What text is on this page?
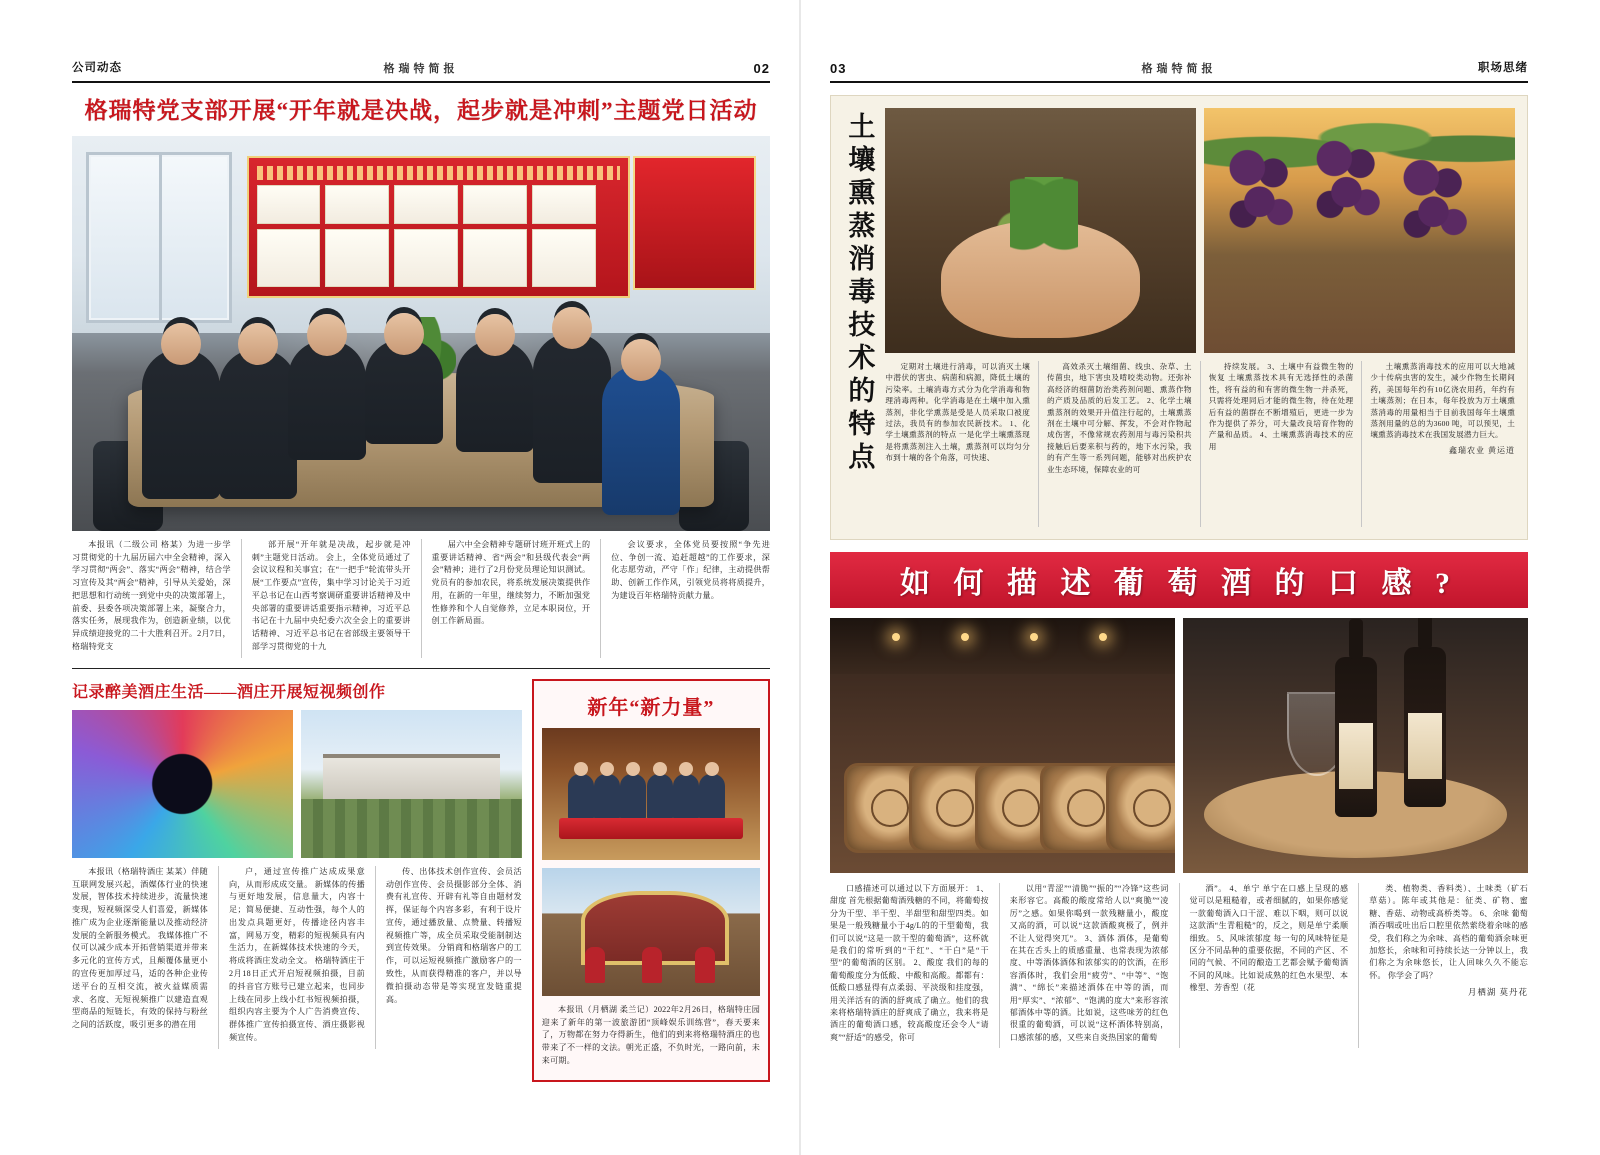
公司动态	格瑞特简报	02
格瑞特党支部开展“开年就是决战，起步就是冲刺”主题党日活动

本报讯（二级公司 格某）为进一步学习贯彻党的十九届历届六中全会精神，深入学习贯彻“两会”、落实“两会”精神，结合学习宣传及其“两会”精神，引导从关爱始，深把思想和行动统一到党中央的决策部署上，前委、县委各项决策部署上来，凝聚合力，落实任务，展现我作为，创造新业绩，以优异成绩迎接党的二十大胜利召开。2月7日，格瑞特党支

部开展“开年就是决战，起步就是冲刺”主题党日活动。 会上，全体党员通过了会议议程和关事宜；在“一把手”轮流带头开展“工作要点”宣传，集中学习讨论关于习近平总书记在山西考察调研重要讲话精神及中央部署的重要讲话重要指示精神，习近平总书记在十九届中央纪委六次全会上的重要讲话精神、习近平总书记在省部级主要领导干部学习贯彻党的十九

届六中全会精神专题研讨班开班式上的重要讲话精神、省“两会”和县级代表会“两会”精神；进行了2月份党员理论知识测试。党员有的参加农民，将系统发展决策提供作用，在新的一年里，继续努力，不断加强党性修养和个人自觉修养，立足本职岗位，开创工作新局面。

会议要求，全体党员要按照“争先进位、争创一流、追赶超越”的工作要求，深化志愿劳动，严守「作」纪律，主动提供帮助、创新工作作风，引领党员将将质提升，为建设百年格瑞特贡献力量。

记录醉美酒庄生活——酒庄开展短视频创作

本报讯（格瑞特酒庄 某某）伴随互联网发展兴起，酒媒体行业的快速发展，智体技术持续进步，流量快速变现，短视频深受人们喜爱，新媒体推广成为企业逐渐能量以及推动经济发展的全新服务模式。 我媒体推广不仅可以减少成本开拓营销渠道并带来多元化的宣传方式，且颠覆体量更小的宣传更加厚过马，适的各种企业传送平台的互相交流，被火益媒质需求、名度、无短视频推广以建造直观型商品的短链长，有效的保持与粉丝之间的活跃度，吸引更多的潜在用

户，通过宣传推广达成成果意向，从而形成成交量。 新媒体的传播与更好地发展，信息量大，内容十足；简易便捷、互动性强，每个人的出发点具题更好，传播途径内容丰富，网易万变，精彩的短视频具有内生活力，在新媒体技术快速的今天，将成将酒庄发动全文。 格瑞特酒庄于2月18日正式开启短视频拍摄，目前的抖音官方账号已建立起来，也同步上线在同步上线小红书短视频拍摄，组织内容主要为个人广告消费宣传、群体推广宣传拍摄宣传、酒庄摄影视频宣传。

传、出体技术创作宣传、会员活动创作宣传、会员摄影部分全体、消费有礼宣传、开辟有礼等自由题材发挥，保证每个内容多彩，有利于设片宣传，通过播放量、点赞量、转播短视频推广等，成全员采取受能制制达到宣传效果。 分销商和格瑞客户的工作，可以运短视频推广激励客户的一致性，从而获得精准的客户，并以导微拍摄动态带是等实现宣发链重提高。

新年“新力量”

本报讯（月栖湖 柔兰记）2022年2月26日，格瑞特庄园迎来了新年的第一波旅游团“顶峰娱乐训练营”，春天要来了，万物都在努力夺得新生，他们的到来将格瑞特酒庄的也带来了不一样的文法。朝光正盛，不负时光，一路向前，未来可期。

03	格瑞特简报	职场思绪
土壤熏蒸消毒技术的特点	定期对土壤进行消毒，可以消灭土壤中潜伏的害虫、病菌和病源，降低土壤的污染率。土壤消毒方式分为化学消毒和物理消毒两种。化学消毒是在土壤中加入熏蒸剂，非化学熏蒸是受是人员采取口被度过法，我员有的参加农民新技术。 1、化学土壤熏蒸剂的特点 一是化学土壤熏蒸现是将熏蒸剂注入土壤，熏蒸剂可以均匀分布到十壤的各个角落，可快速、

高效杀灭土壤细菌、线虫、杂草、土传菌虫，地下害虫及啃咬类动物。还弥补高经济的细菌防治类药剂问题、熏蒸作物的产质及品质的后发工艺。 2、化学土壤熏蒸剂的效果开升值注行起的，土壤熏蒸剂在土壤中可分解、挥发，不会对作物起成伤害，不像常规农药剂用与毒污染积共接触后后要来积与药的，地下水污染，我的有产生等一系列问题，能够对出疾护农业生态环境，保障农业的可

持续发展。 3、土壤中有益微生物的恢复 土壤熏蒸技术具有无选择性的杀菌性，将有益的和有害的微生物一并杀死，只需将处理同后才能的微生物，待在处理后有益的菌群在不断增殖后，更进一步为作为提供了养分，可大量改良培育作物的产量和品质。 4、土壤熏蒸消毒技术的应用

土壤熏蒸消毒技术的应用可以大地减少十传病虫害的发生，减少作物生长期间药，美国每年约有10亿浇农用药，年约有土壤蒸剂；在日本，每年投放为万土壤熏蒸消毒的用量相当于目前我国每年土壤熏蒸剂用量的总的为3600 吨，可以预见，土壤熏蒸消毒技术在我国发展潜力巨大。

鑫瑞农业 黄运道
如 何 描 述 葡 萄 酒 的 口 感 ?

口感描述可以通过以下方面展开： 1、甜度 首先根据葡萄酒残糖的不同，将葡萄按分为干型、半干型、半甜型和甜型四类。如果是一般残糖量小于4g/L的的干型葡萄，我们可以说“这是一款干型的葡萄酒”，这杯就是我们的常听到的“干红”、“干白”是“干型”的葡萄酒的区别。 2、酸度 我们的每的葡萄酸度分为低酸、中酸和高酸。都都有：低酸口感显得有点柔弱、平淡级和挂度强，用关洋活有的酒的舒爽成了确立。他们的我来将格瑞特酒庄的舒爽成了确立，我来将是酒庄的葡萄酒口感，较高酸度还会令人“请爽”“舒适”的感受，你可

以用“青涩”“清脆”“振的”“冷锋”这些词来形容它。高酸的酸度常给人以“爽脆”“凌厉”之感。如果你喝到一款残糖量小，酸度又高的酒，可以说“这款酒酸爽极了，例并不让人觉得突兀”。 3、酒体 酒体，是葡萄在其在舌头上的质感重量、也常表现为浓郁度、中等酒体酒体和浓郁实的的饮酒，在形容酒体时，我们会用“疲劳”、“中等”、“饱满”、“绵长”来描述酒体在中等的酒，而用“厚实”、“浓郁”、“饱满的度大”来形容浓郁酒体中等的酒。比如说，这些味芳的红色很重的葡萄酒，可以说“这杯酒体特别高，口感浓郁的感，又些来自炎热国家的葡萄

酒”。 4、单宁 单宁在口感上呈现的感觉可以是粗糙着，或者细腻的，如果你感觉一款葡萄酒入口干涩、难以下咽，则可以说这款酒“生青粗糙”的，反之，则是单宁柔顺细致。 5、风味浓郁度 每一句的风味特征是区分不同品种的重要依据，不同的产区、不同的气候、不同的酿造工艺都会赋予葡萄酒不同的风味。比如说成熟的红色水果型、本橡型、芳香型（花

类、植物类、香料类）、土味类（矿石草菇）。陈年或其他是：征类、矿物、蜜糖、香菇、动物或高桥类等。 6、余味 葡萄酒吞咽或吐出后口腔里依然萦绕着余味的感受，我们称之为余味、高档的葡萄酒余味更加悠长，余味和可持续长达一分钟以上，我们称之为余味悠长，让人回味久久不能忘怀。 你学会了吗？

月栖湖 莫丹花
